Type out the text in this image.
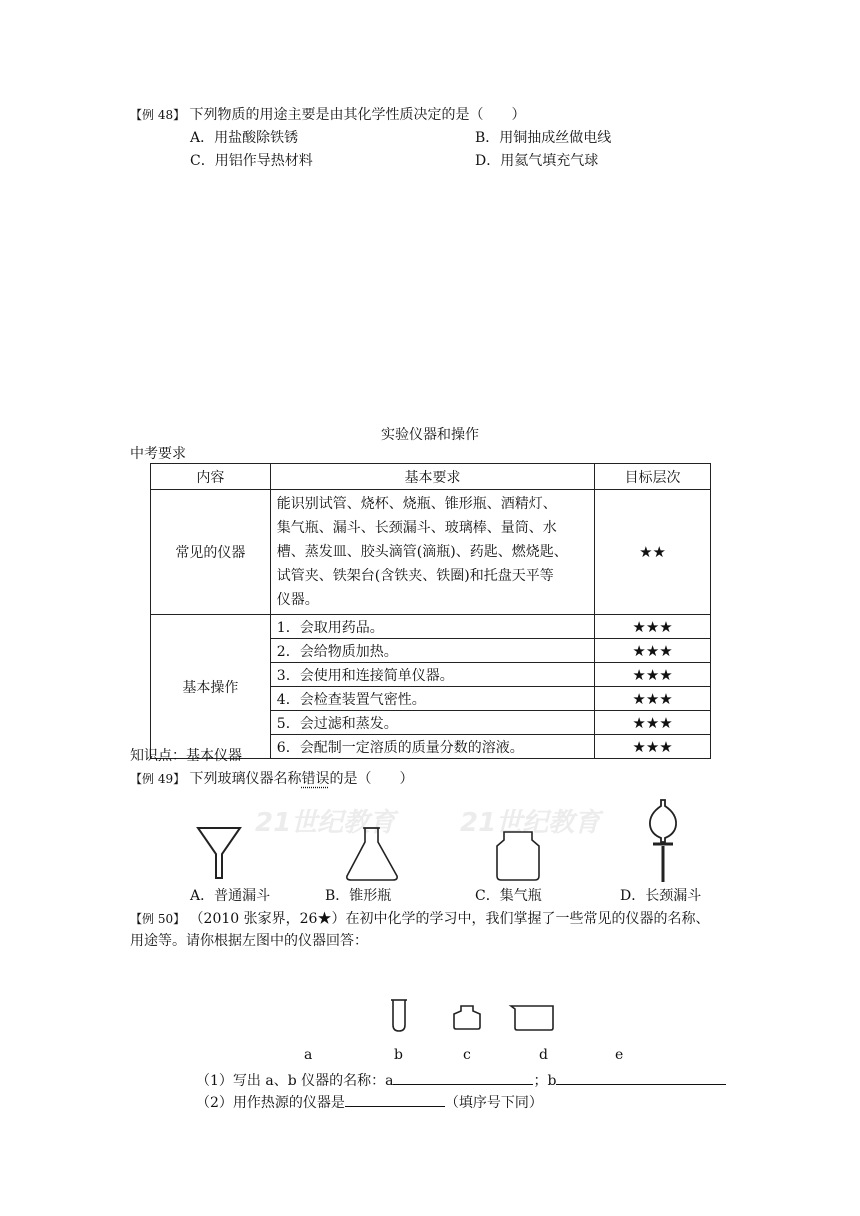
【例 48】 下列物质的用途主要是由其化学性质决定的是（　　）
A．用盐酸除铁锈	B．用铜抽成丝做电线
C．用铝作导热材料	D．用氦气填充气球
实验仪器和操作
中考要求
内容	基本要求	目标层次
常见的仪器	能识别试管、烧杯、烧瓶、锥形瓶、酒精灯、
集气瓶、漏斗、长颈漏斗、玻璃棒、量筒、水
槽、蒸发皿、胶头滴管(滴瓶)、药匙、燃烧匙、
试管夹、铁架台(含铁夹、铁圈)和托盘天平等
仪器。	★★
基本操作	1．会取用药品。	★★★
	2．会给物质加热。	★★★
	3．会使用和连接简单仪器。	★★★
	4．会检查装置气密性。	★★★
	5．会过滤和蒸发。	★★★
	6．会配制一定溶质的质量分数的溶液。	★★★
知识点：基本仪器
【例 49】 下列玻璃仪器名称错误的是（　　）
21世纪教育 21世纪教育
A．普通漏斗	B．锥形瓶	C．集气瓶	D．长颈漏斗
【例 50】 （2010 张家界，26★）在初中化学的学习中，我们掌握了一些常见的仪器的名称、
用途等。请你根据左图中的仪器回答：
a	b	c	d	e
（1）写出 a、b 仪器的名称：a	；b
（2）用作热源的仪器是	（填序号下同）
